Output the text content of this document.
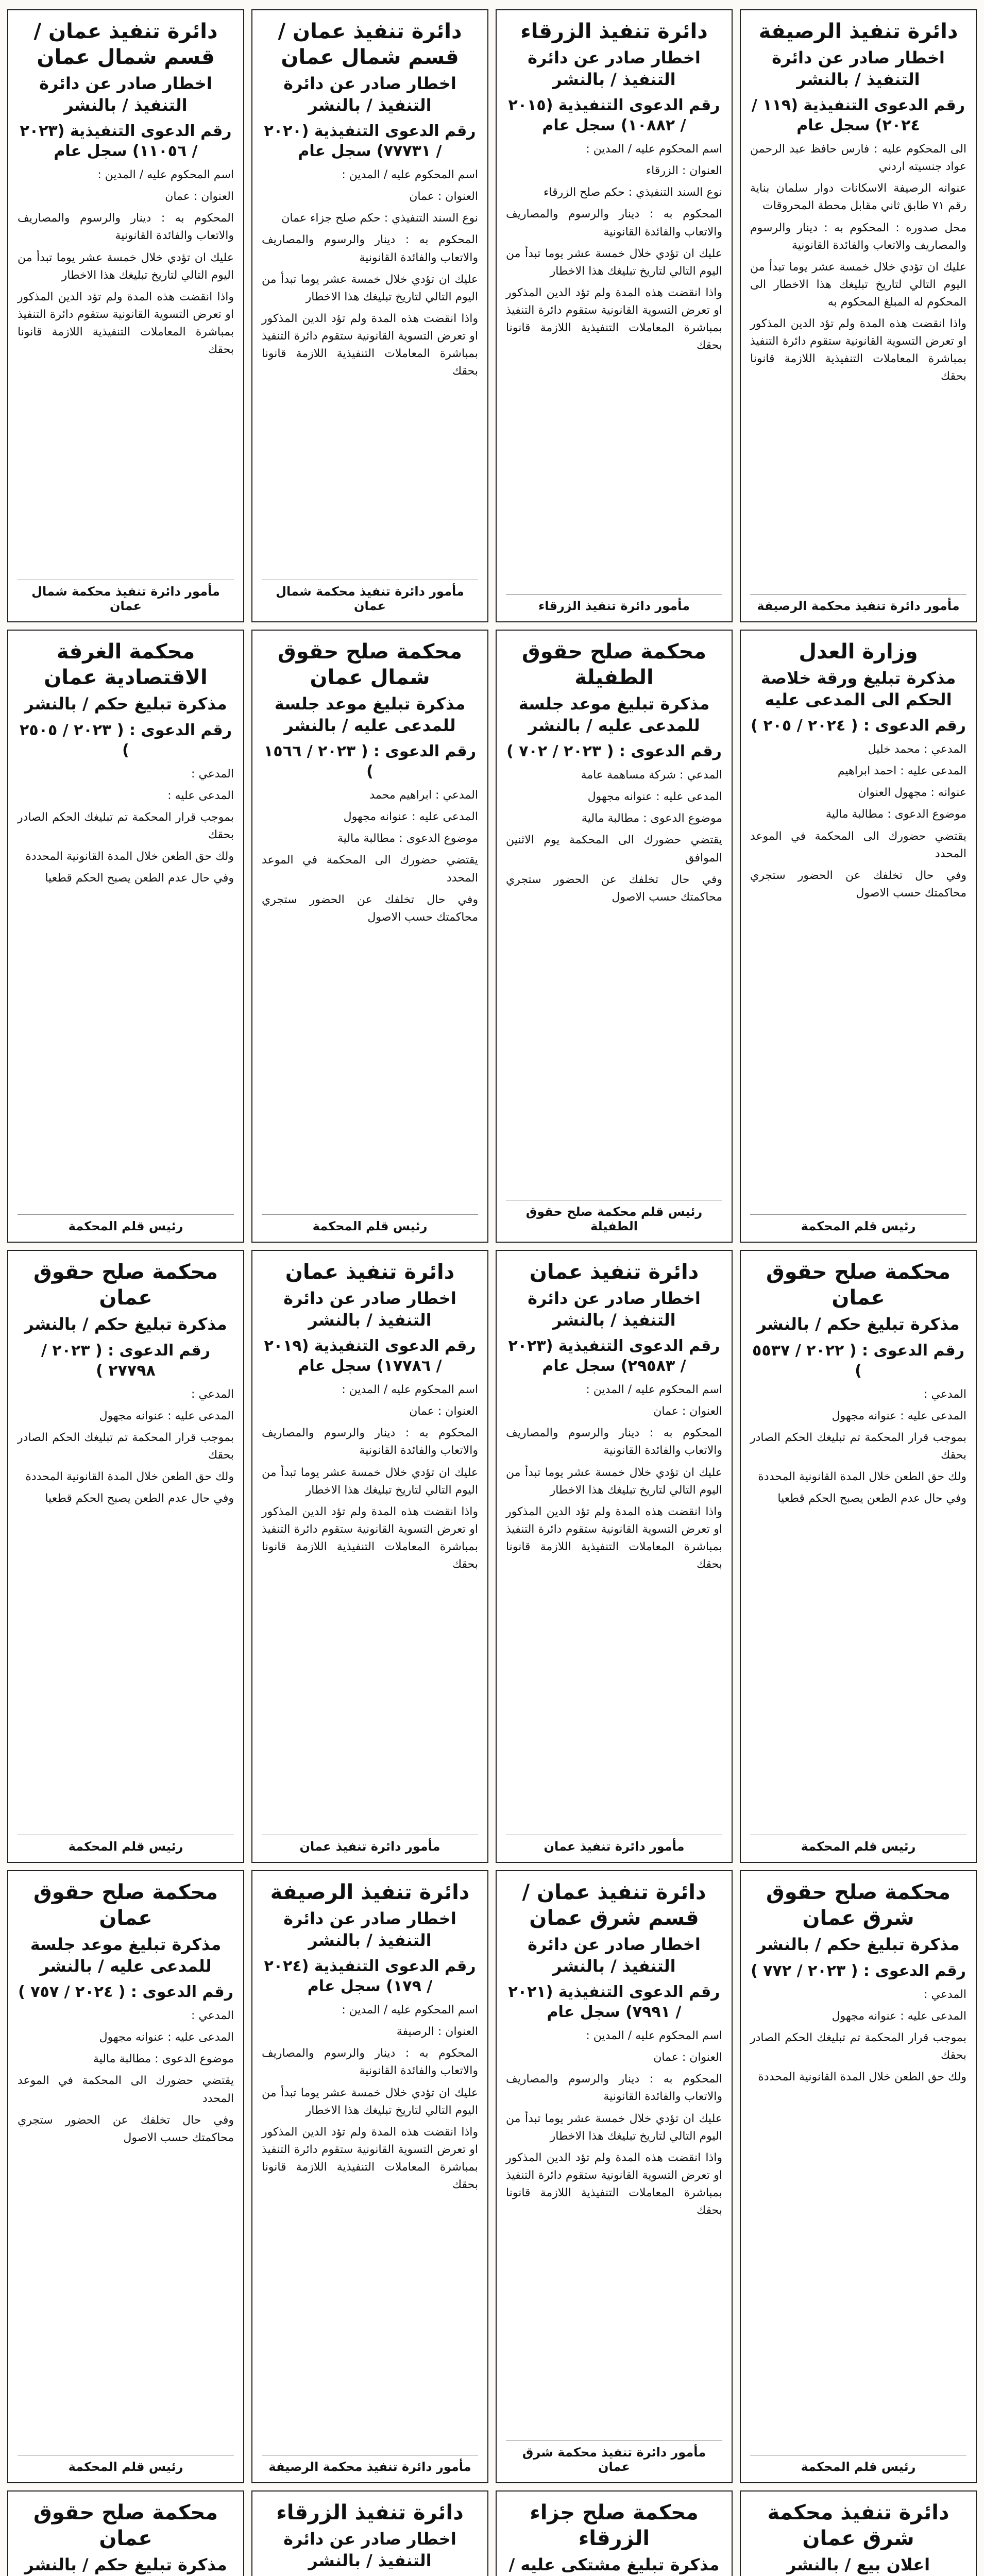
دائرة تنفيذ الرصيفة
اخطار صادر عن دائرة التنفيذ / بالنشر
رقم الدعوى التنفيذية (١١٩ / ٢٠٢٤) سجل عام

الى المحكوم عليه : فارس حافظ عبد الرحمن عواد جنسيته اردني

عنوانه الرصيفة الاسكانات دوار سلمان بناية رقم ٧١ طابق ثاني مقابل محطة المحروقات

محل صدوره : المحكوم به : دينار والرسوم والمصاريف والاتعاب والفائدة القانونية

عليك ان تؤدي خلال خمسة عشر يوما تبدأ من اليوم التالي لتاريخ تبليغك هذا الاخطار الى المحكوم له المبلغ المحكوم به

واذا انقضت هذه المدة ولم تؤد الدين المذكور او تعرض التسوية القانونية ستقوم دائرة التنفيذ بمباشرة المعاملات التنفيذية اللازمة قانونا بحقك

مأمور دائرة تنفيذ محكمة الرصيفة
دائرة تنفيذ الزرقاء
اخطار صادر عن دائرة التنفيذ / بالنشر
رقم الدعوى التنفيذية (٢٠١٥ / ١٠٨٨٢) سجل عام

اسم المحكوم عليه / المدين :

العنوان : الزرقاء

نوع السند التنفيذي : حكم صلح الزرقاء

المحكوم به : دينار والرسوم والمصاريف والاتعاب والفائدة القانونية

عليك ان تؤدي خلال خمسة عشر يوما تبدأ من اليوم التالي لتاريخ تبليغك هذا الاخطار

واذا انقضت هذه المدة ولم تؤد الدين المذكور او تعرض التسوية القانونية ستقوم دائرة التنفيذ بمباشرة المعاملات التنفيذية اللازمة قانونا بحقك

مأمور دائرة تنفيذ الزرقاء
دائرة تنفيذ عمان / قسم شمال عمان
اخطار صادر عن دائرة التنفيذ / بالنشر
رقم الدعوى التنفيذية (٢٠٢٠ / ٧٧٧٣١) سجل عام

اسم المحكوم عليه / المدين :

العنوان : عمان

نوع السند التنفيذي : حكم صلح جزاء عمان

المحكوم به : دينار والرسوم والمصاريف والاتعاب والفائدة القانونية

عليك ان تؤدي خلال خمسة عشر يوما تبدأ من اليوم التالي لتاريخ تبليغك هذا الاخطار

واذا انقضت هذه المدة ولم تؤد الدين المذكور او تعرض التسوية القانونية ستقوم دائرة التنفيذ بمباشرة المعاملات التنفيذية اللازمة قانونا بحقك

مأمور دائرة تنفيذ محكمة شمال عمان
دائرة تنفيذ عمان / قسم شمال عمان
اخطار صادر عن دائرة التنفيذ / بالنشر
رقم الدعوى التنفيذية (٢٠٢٣ / ١١٠٥٦) سجل عام

اسم المحكوم عليه / المدين :

العنوان : عمان

المحكوم به : دينار والرسوم والمصاريف والاتعاب والفائدة القانونية

عليك ان تؤدي خلال خمسة عشر يوما تبدأ من اليوم التالي لتاريخ تبليغك هذا الاخطار

واذا انقضت هذه المدة ولم تؤد الدين المذكور او تعرض التسوية القانونية ستقوم دائرة التنفيذ بمباشرة المعاملات التنفيذية اللازمة قانونا بحقك

مأمور دائرة تنفيذ محكمة شمال عمان
وزارة العدل
مذكرة تبليغ ورقة خلاصة الحكم الى المدعى عليه
رقم الدعوى : ( ٢٠٢٤ / ٢٠٥ )

المدعي : محمد خليل

المدعى عليه : احمد ابراهيم

عنوانه : مجهول العنوان

موضوع الدعوى : مطالبة مالية

يقتضي حضورك الى المحكمة في الموعد المحدد

وفي حال تخلفك عن الحضور ستجري محاكمتك حسب الاصول

رئيس قلم المحكمة
محكمة صلح حقوق الطفيلة
مذكرة تبليغ موعد جلسة للمدعى عليه / بالنشر
رقم الدعوى : ( ٢٠٢٣ / ٧٠٢ )

المدعي : شركة مساهمة عامة

المدعى عليه : عنوانه مجهول

موضوع الدعوى : مطالبة مالية

يقتضي حضورك الى المحكمة يوم الاثنين الموافق

وفي حال تخلفك عن الحضور ستجري محاكمتك حسب الاصول

رئيس قلم محكمة صلح حقوق الطفيلة
محكمة صلح حقوق شمال عمان
مذكرة تبليغ موعد جلسة للمدعى عليه / بالنشر
رقم الدعوى : ( ٢٠٢٣ / ١٥٦٦ )

المدعي : ابراهيم محمد

المدعى عليه : عنوانه مجهول

موضوع الدعوى : مطالبة مالية

يقتضي حضورك الى المحكمة في الموعد المحدد

وفي حال تخلفك عن الحضور ستجري محاكمتك حسب الاصول

رئيس قلم المحكمة
محكمة الغرفة الاقتصادية عمان
مذكرة تبليغ حكم / بالنشر
رقم الدعوى : ( ٢٠٢٣ / ٢٥٠٥ )

المدعي :

المدعى عليه :

بموجب قرار المحكمة تم تبليغك الحكم الصادر بحقك

ولك حق الطعن خلال المدة القانونية المحددة

وفي حال عدم الطعن يصبح الحكم قطعيا

رئيس قلم المحكمة
محكمة صلح حقوق عمان
مذكرة تبليغ حكم / بالنشر
رقم الدعوى : ( ٢٠٢٢ / ٥٥٣٧ )

المدعي :

المدعى عليه : عنوانه مجهول

بموجب قرار المحكمة تم تبليغك الحكم الصادر بحقك

ولك حق الطعن خلال المدة القانونية المحددة

وفي حال عدم الطعن يصبح الحكم قطعيا

رئيس قلم المحكمة
دائرة تنفيذ عمان
اخطار صادر عن دائرة التنفيذ / بالنشر
رقم الدعوى التنفيذية (٢٠٢٣ / ٢٩٥٨٣) سجل عام

اسم المحكوم عليه / المدين :

العنوان : عمان

المحكوم به : دينار والرسوم والمصاريف والاتعاب والفائدة القانونية

عليك ان تؤدي خلال خمسة عشر يوما تبدأ من اليوم التالي لتاريخ تبليغك هذا الاخطار

واذا انقضت هذه المدة ولم تؤد الدين المذكور او تعرض التسوية القانونية ستقوم دائرة التنفيذ بمباشرة المعاملات التنفيذية اللازمة قانونا بحقك

مأمور دائرة تنفيذ عمان
دائرة تنفيذ عمان
اخطار صادر عن دائرة التنفيذ / بالنشر
رقم الدعوى التنفيذية (٢٠١٩ / ١٧٧٨٦) سجل عام

اسم المحكوم عليه / المدين :

العنوان : عمان

المحكوم به : دينار والرسوم والمصاريف والاتعاب والفائدة القانونية

عليك ان تؤدي خلال خمسة عشر يوما تبدأ من اليوم التالي لتاريخ تبليغك هذا الاخطار

واذا انقضت هذه المدة ولم تؤد الدين المذكور او تعرض التسوية القانونية ستقوم دائرة التنفيذ بمباشرة المعاملات التنفيذية اللازمة قانونا بحقك

مأمور دائرة تنفيذ عمان
محكمة صلح حقوق عمان
مذكرة تبليغ حكم / بالنشر
رقم الدعوى : ( ٢٠٢٣ / ٢٧٧٩٨ )

المدعي :

المدعى عليه : عنوانه مجهول

بموجب قرار المحكمة تم تبليغك الحكم الصادر بحقك

ولك حق الطعن خلال المدة القانونية المحددة

وفي حال عدم الطعن يصبح الحكم قطعيا

رئيس قلم المحكمة
محكمة صلح حقوق شرق عمان
مذكرة تبليغ حكم / بالنشر
رقم الدعوى : ( ٢٠٢٣ / ٧٧٢ )

المدعي :

المدعى عليه : عنوانه مجهول

بموجب قرار المحكمة تم تبليغك الحكم الصادر بحقك

ولك حق الطعن خلال المدة القانونية المحددة

رئيس قلم المحكمة
دائرة تنفيذ عمان / قسم شرق عمان
اخطار صادر عن دائرة التنفيذ / بالنشر
رقم الدعوى التنفيذية (٢٠٢١ / ٧٩٩١) سجل عام

اسم المحكوم عليه / المدين :

العنوان : عمان

المحكوم به : دينار والرسوم والمصاريف والاتعاب والفائدة القانونية

عليك ان تؤدي خلال خمسة عشر يوما تبدأ من اليوم التالي لتاريخ تبليغك هذا الاخطار

واذا انقضت هذه المدة ولم تؤد الدين المذكور او تعرض التسوية القانونية ستقوم دائرة التنفيذ بمباشرة المعاملات التنفيذية اللازمة قانونا بحقك

مأمور دائرة تنفيذ محكمة شرق عمان
دائرة تنفيذ الرصيفة
اخطار صادر عن دائرة التنفيذ / بالنشر
رقم الدعوى التنفيذية (٢٠٢٤ / ١٧٩) سجل عام

اسم المحكوم عليه / المدين :

العنوان : الرصيفة

المحكوم به : دينار والرسوم والمصاريف والاتعاب والفائدة القانونية

عليك ان تؤدي خلال خمسة عشر يوما تبدأ من اليوم التالي لتاريخ تبليغك هذا الاخطار

واذا انقضت هذه المدة ولم تؤد الدين المذكور او تعرض التسوية القانونية ستقوم دائرة التنفيذ بمباشرة المعاملات التنفيذية اللازمة قانونا بحقك

مأمور دائرة تنفيذ محكمة الرصيفة
محكمة صلح حقوق عمان
مذكرة تبليغ موعد جلسة للمدعى عليه / بالنشر
رقم الدعوى : ( ٢٠٢٤ / ٧٥٧ )

المدعي :

المدعى عليه : عنوانه مجهول

موضوع الدعوى : مطالبة مالية

يقتضي حضورك الى المحكمة في الموعد المحدد

وفي حال تخلفك عن الحضور ستجري محاكمتك حسب الاصول

رئيس قلم المحكمة
دائرة تنفيذ محكمة شرق عمان
اعلان بيع / بالنشر

محكمة صلح جزاء الزرقاء
مذكرة تبليغ مشتكى عليه /

دائرة تنفيذ الزرقاء
اخطار صادر عن دائرة التنفيذ / بالنشر

محكمة صلح حقوق عمان
مذكرة تبليغ حكم / بالنشر
